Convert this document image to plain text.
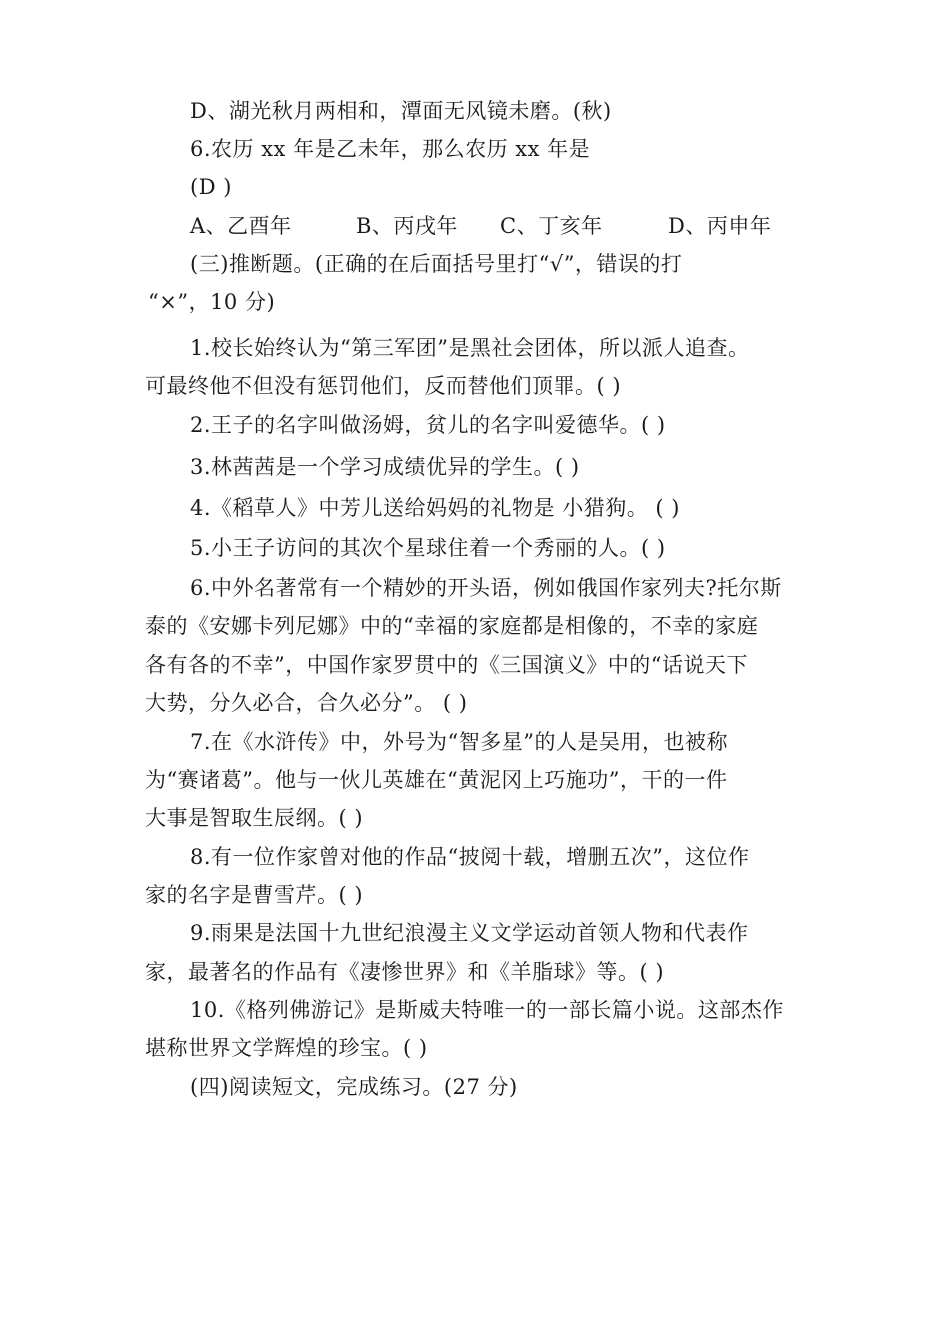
D、湖光秋月两相和，潭面无风镜未磨。(秋)
6.农历 xx 年是乙未年，那么农历 xx 年是
(D )
A、乙酉年	B、丙戌年 C、丁亥年	D、丙申年
(三)推断题。(正确的在后面括号里打“√”，错误的打
“×”，10 分)
1.校长始终认为“第三军团”是黑社会团体，所以派人追查。
可最终他不但没有惩罚他们，反而替他们顶罪。( )
2.王子的名字叫做汤姆，贫儿的名字叫爱德华。( )
3.林茜茜是一个学习成绩优异的学生。( )
4.《稻草人》中芳儿送给妈妈的礼物是 小猎狗。 ( )
5.小王子访问的其次个星球住着一个秀丽的人。( )
6.中外名著常有一个精妙的开头语，例如俄国作家列夫?托尔斯
泰的《安娜卡列尼娜》中的“幸福的家庭都是相像的，不幸的家庭
各有各的不幸”，中国作家罗贯中的《三国演义》中的“话说天下
大势，分久必合，合久必分”。 ( )
7.在《水浒传》中，外号为“智多星”的人是吴用，也被称
为“赛诸葛”。他与一伙儿英雄在“黄泥冈上巧施功”，干的一件
大事是智取生辰纲。( )
8.有一位作家曾对他的作品“披阅十载，增删五次”，这位作
家的名字是曹雪芹。( )
9.雨果是法国十九世纪浪漫主义文学运动首领人物和代表作
家，最著名的作品有《凄惨世界》和《羊脂球》等。( )
10.《格列佛游记》是斯威夫特唯一的一部长篇小说。这部杰作
堪称世界文学辉煌的珍宝。( )
(四)阅读短文，完成练习。(27 分)
